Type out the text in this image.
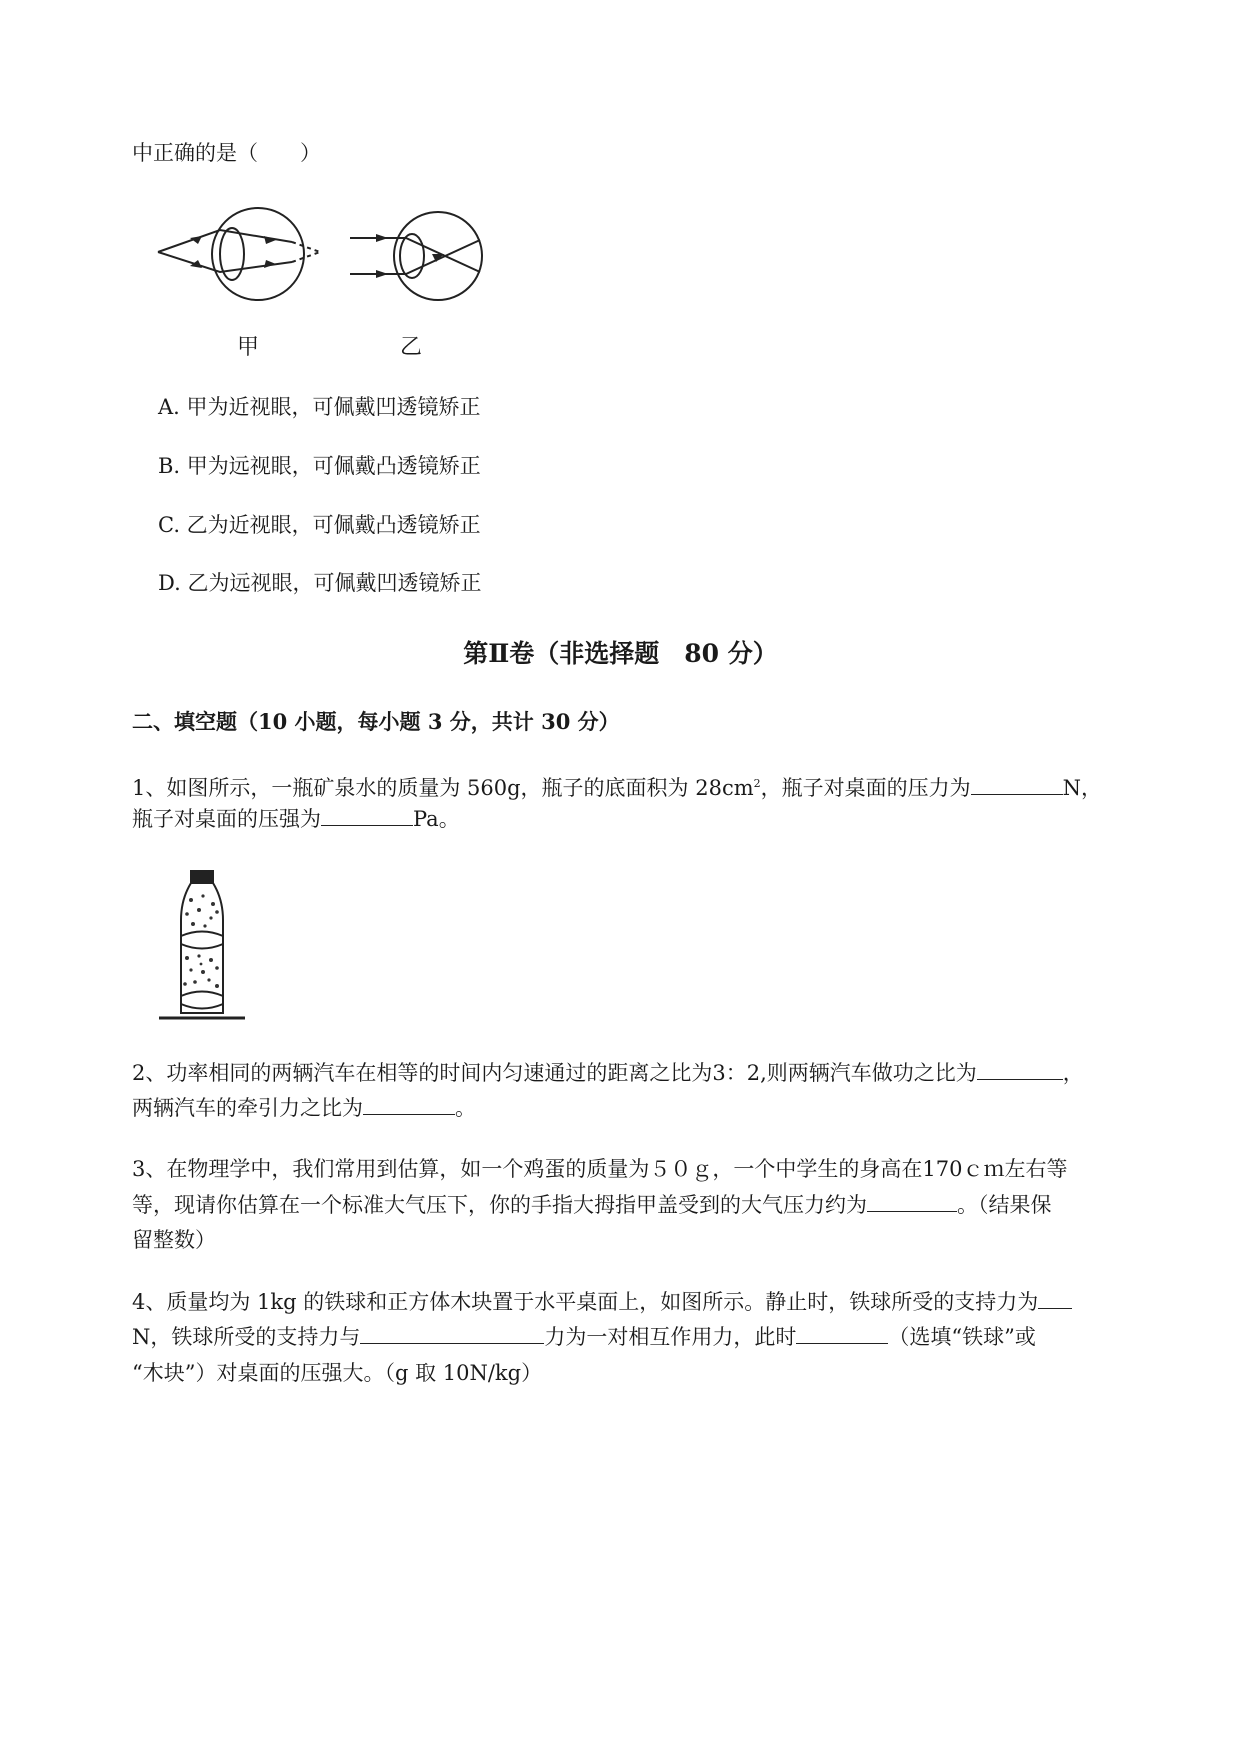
中正确的是（　　）
甲	乙
A. 甲为近视眼，可佩戴凹透镜矫正
B. 甲为远视眼，可佩戴凸透镜矫正
C. 乙为近视眼，可佩戴凸透镜矫正
D. 乙为远视眼，可佩戴凹透镜矫正
第Ⅱ卷（非选择题　80 分）
二、填空题（10 小题，每小题 3 分，共计 30 分）
1、如图所示，一瓶矿泉水的质量为 560g，瓶子的底面积为 $28cm^2$，瓶子对桌面的压力为	N，
瓶子对桌面的压强为	Pa。
2、功率相同的两辆汽车在相等的时间内匀速通过的距离之比为3：2,则两辆汽车做功之比为	，
两辆汽车的牵引力之比为	。
3、在物理学中，我们常用到估算，如一个鸡蛋的质量为５０ｇ，一个中学生的身高在170ｃｍ左右等
等，现请你估算在一个标准大气压下，你的手指大拇指甲盖受到的大气压力约为	。（结果保
留整数）
4、质量均为 1kg 的铁球和正方体木块置于水平桌面上，如图所示。静止时，铁球所受的支持力为
N，铁球所受的支持力与	力为一对相互作用力，此时	（选填“铁球”或
“木块”）对桌面的压强大。（g 取 10N/kg）
